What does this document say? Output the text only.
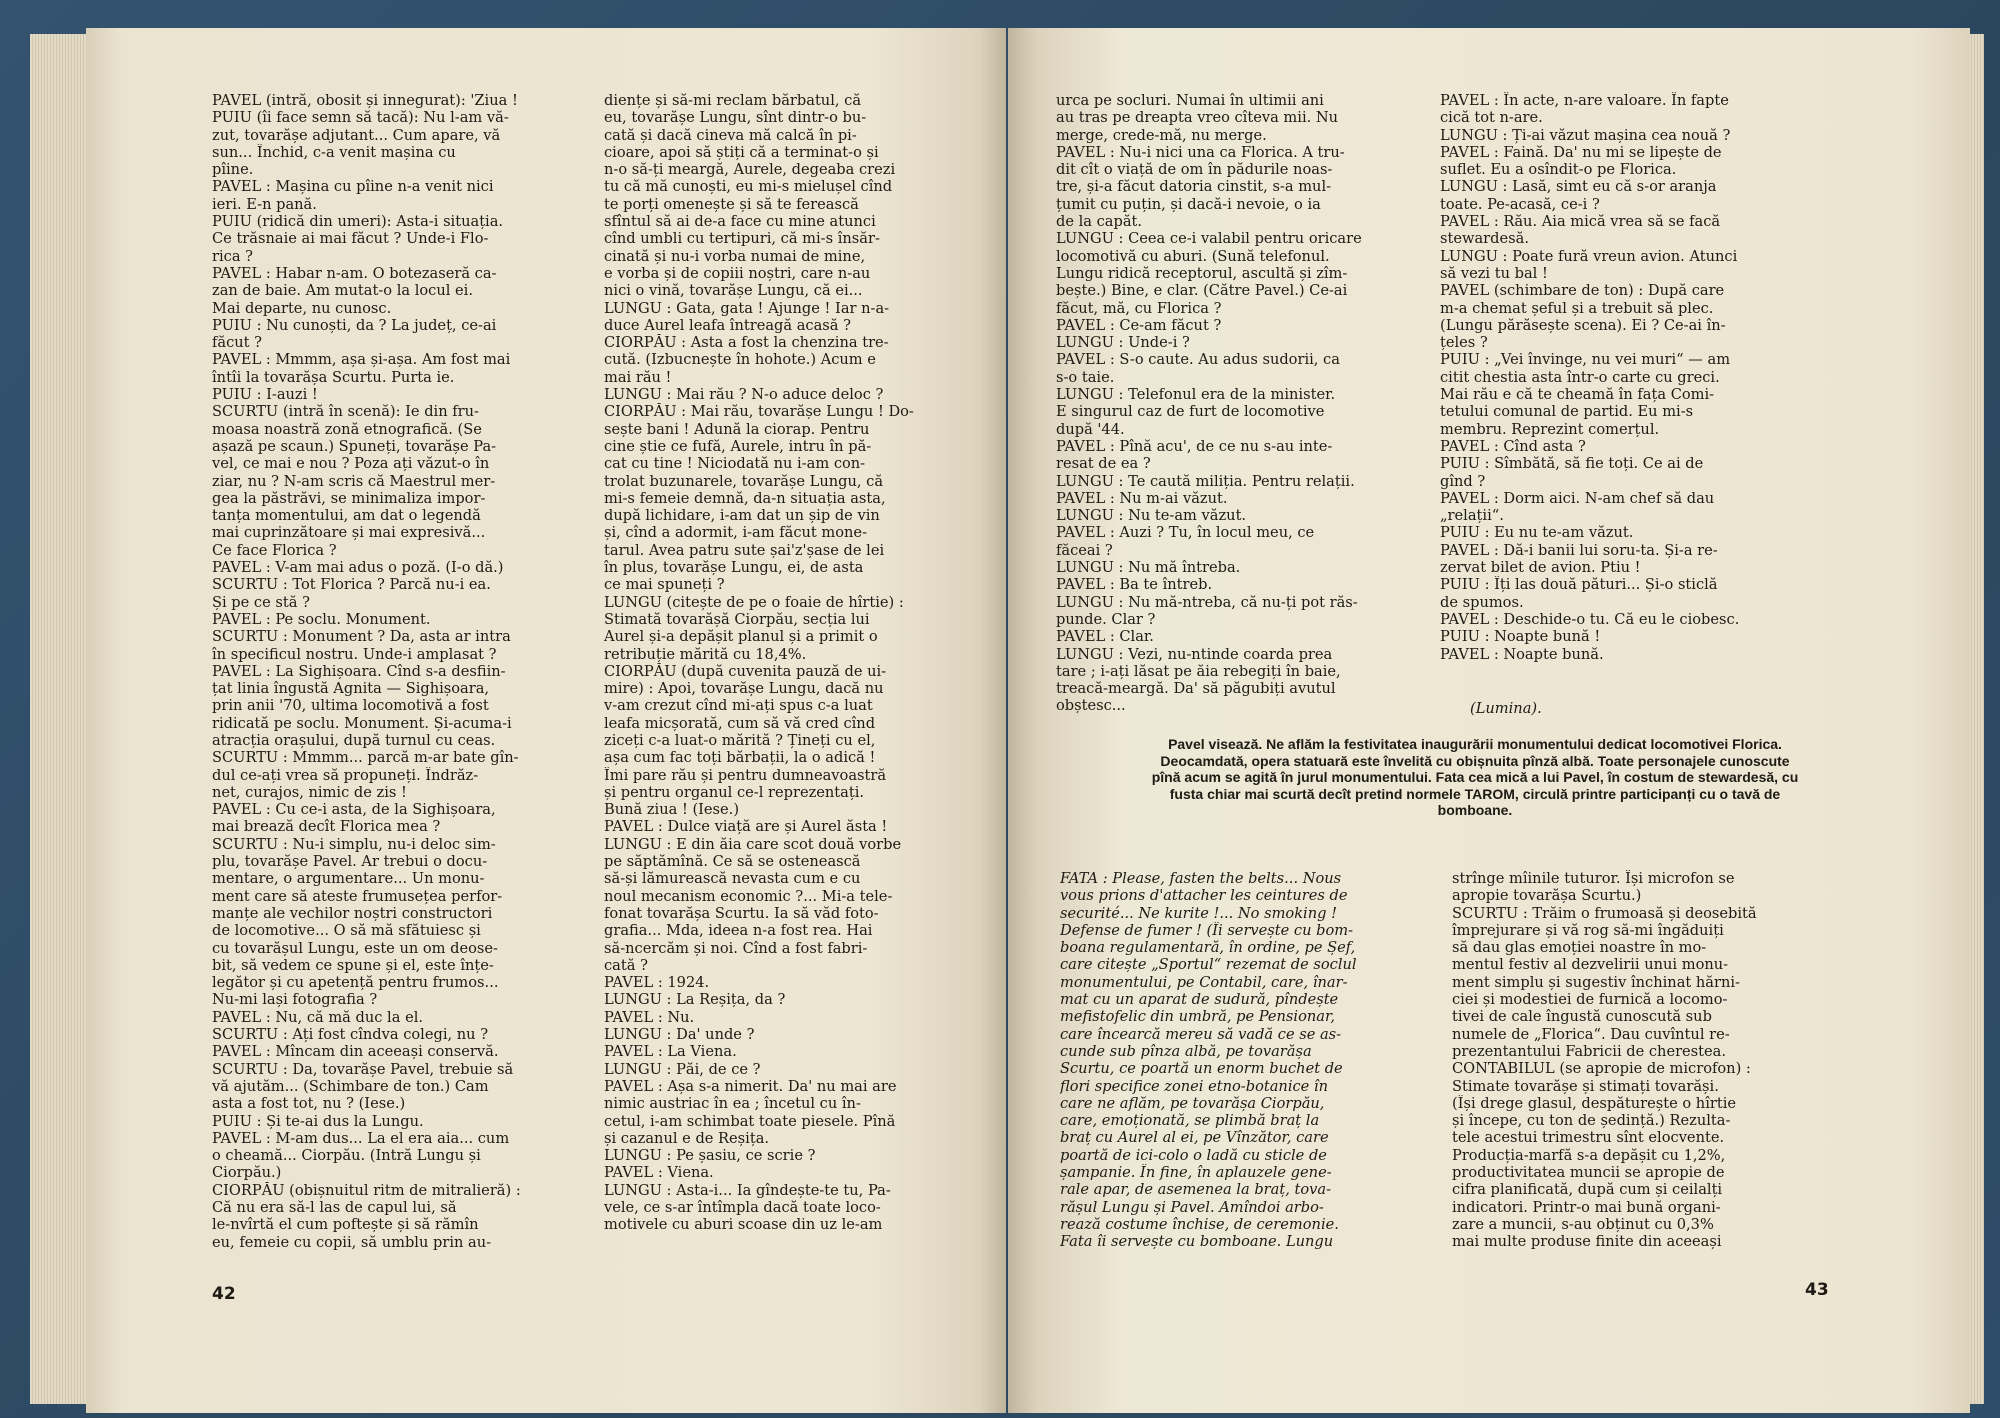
PAVEL (intră, obosit și innegurat): 'Ziua !
PUIU (îi face semn să tacă): Nu l-am vă-
zut, tovarășe adjutant... Cum apare, vă
sun... Închid, c-a venit mașina cu
pîine.
PAVEL : Mașina cu pîine n-a venit nici
ieri. E-n pană.
PUIU (ridică din umeri): Asta-i situația.
Ce trăsnaie ai mai făcut ? Unde-i Flo-
rica ?
PAVEL : Habar n-am. O botezaseră ca-
zan de baie. Am mutat-o la locul ei.
Mai departe, nu cunosc.
PUIU : Nu cunoști, da ? La județ, ce-ai
făcut ?
PAVEL : Mmmm, așa și-așa. Am fost mai
întîi la tovarășa Scurtu. Purta ie.
PUIU : I-auzi !
SCURTU (intră în scenă): Ie din fru-
moasa noastră zonă etnografică. (Se
așază pe scaun.) Spuneți, tovarășe Pa-
vel, ce mai e nou ? Poza ați văzut-o în
ziar, nu ? N-am scris că Maestrul mer-
gea la păstrăvi, se minimaliza impor-
tanța momentului, am dat o legendă
mai cuprinzătoare și mai expresivă...
Ce face Florica ?
PAVEL : V-am mai adus o poză. (I-o dă.)
SCURTU : Tot Florica ? Parcă nu-i ea.
Și pe ce stă ?
PAVEL : Pe soclu. Monument.
SCURTU : Monument ? Da, asta ar intra
în specificul nostru. Unde-i amplasat ?
PAVEL : La Sighișoara. Cînd s-a desfiin-
țat linia îngustă Agnita — Sighișoara,
prin anii '70, ultima locomotivă a fost
ridicată pe soclu. Monument. Și-acuma-i
atracția orașului, după turnul cu ceas.
SCURTU : Mmmm... parcă m-ar bate gîn-
dul ce-ați vrea să propuneți. Îndrăz-
net, curajos, nimic de zis !
PAVEL : Cu ce-i asta, de la Sighișoara,
mai brează decît Florica mea ?
SCURTU : Nu-i simplu, nu-i deloc sim-
plu, tovarășe Pavel. Ar trebui o docu-
mentare, o argumentare... Un monu-
ment care să ateste frumusețea perfor-
manțe ale vechilor noștri constructori
de locomotive... O să mă sfătuiesc și
cu tovarășul Lungu, este un om deose-
bit, să vedem ce spune și el, este înțe-
legător și cu apetență pentru frumos...
Nu-mi lași fotografia ?
PAVEL : Nu, că mă duc la el.
SCURTU : Ați fost cîndva colegi, nu ?
PAVEL : Mîncam din aceeași conservă.
SCURTU : Da, tovarășe Pavel, trebuie să
vă ajutăm... (Schimbare de ton.) Cam
asta a fost tot, nu ? (Iese.)
PUIU : Și te-ai dus la Lungu.
PAVEL : M-am dus... La el era aia... cum
o cheamă... Ciorpău. (Intră Lungu și
Ciorpău.)
CIORPĂU (obișnuitul ritm de mitralieră) :
Că nu era să-l las de capul lui, să
le-nvîrtă el cum poftește și să rămîn
eu, femeie cu copii, să umblu prin au-
diențe și să-mi reclam bărbatul, că
eu, tovarășe Lungu, sînt dintr-o bu-
cată și dacă cineva mă calcă în pi-
cioare, apoi să știți că a terminat-o și
n-o să-ți meargă, Aurele, degeaba crezi
tu că mă cunoști, eu mi-s mielușel cînd
te porți omenește și să te ferească
sfîntul să ai de-a face cu mine atunci
cînd umbli cu tertipuri, că mi-s însăr-
cinată și nu-i vorba numai de mine,
e vorba și de copiii noștri, care n-au
nici o vină, tovarășe Lungu, că ei...
LUNGU : Gata, gata ! Ajunge ! Iar n-a-
duce Aurel leafa întreagă acasă ?
CIORPĂU : Asta a fost la chenzina tre-
cută. (Izbucnește în hohote.) Acum e
mai rău !
LUNGU : Mai rău ? N-o aduce deloc ?
CIORPĂU : Mai rău, tovarășe Lungu ! Do-
sește bani ! Adună la ciorap. Pentru
cine știe ce fufă, Aurele, intru în pă-
cat cu tine ! Niciodată nu i-am con-
trolat buzunarele, tovarășe Lungu, că
mi-s femeie demnă, da-n situația asta,
după lichidare, i-am dat un șip de vin
și, cînd a adormit, i-am făcut mone-
tarul. Avea patru sute șai'z'șase de lei
în plus, tovarășe Lungu, ei, de asta
ce mai spuneți ?
LUNGU (citește de pe o foaie de hîrtie) :
Stimată tovarășă Ciorpău, secția lui
Aurel și-a depășit planul și a primit o
retribuție mărită cu 18,4%.
CIORPĂU (după cuvenita pauză de ui-
mire) : Apoi, tovarășe Lungu, dacă nu
v-am crezut cînd mi-ați spus c-a luat
leafa micșorată, cum să vă cred cînd
ziceți c-a luat-o mărită ? Țineți cu el,
așa cum fac toți bărbații, la o adică !
Îmi pare rău și pentru dumneavoastră
și pentru organul ce-l reprezentați.
Bună ziua ! (Iese.)
PAVEL : Dulce viață are și Aurel ăsta !
LUNGU : E din ăia care scot două vorbe
pe săptămînă. Ce să se ostenească
să-și lămurească nevasta cum e cu
noul mecanism economic ?... Mi-a tele-
fonat tovarășa Scurtu. Ia să văd foto-
grafia... Mda, ideea n-a fost rea. Hai
să-ncercăm și noi. Cînd a fost fabri-
cată ?
PAVEL : 1924.
LUNGU : La Reșița, da ?
PAVEL : Nu.
LUNGU : Da' unde ?
PAVEL : La Viena.
LUNGU : Păi, de ce ?
PAVEL : Așa s-a nimerit. Da' nu mai are
nimic austriac în ea ; încetul cu în-
cetul, i-am schimbat toate piesele. Pînă
și cazanul e de Reșița.
LUNGU : Pe șasiu, ce scrie ?
PAVEL : Viena.
LUNGU : Asta-i... Ia gîndește-te tu, Pa-
vele, ce s-ar întîmpla dacă toate loco-
motivele cu aburi scoase din uz le-am
urca pe socluri. Numai în ultimii ani
au tras pe dreapta vreo cîteva mii. Nu
merge, crede-mă, nu merge.
PAVEL : Nu-i nici una ca Florica. A tru-
dit cît o viață de om în pădurile noas-
tre, și-a făcut datoria cinstit, s-a mul-
țumit cu puțin, și dacă-i nevoie, o ia
de la capăt.
LUNGU : Ceea ce-i valabil pentru oricare
locomotivă cu aburi. (Sună telefonul.
Lungu ridică receptorul, ascultă și zîm-
bește.) Bine, e clar. (Către Pavel.) Ce-ai
făcut, mă, cu Florica ?
PAVEL : Ce-am făcut ?
LUNGU : Unde-i ?
PAVEL : S-o caute. Au adus sudorii, ca
s-o taie.
LUNGU : Telefonul era de la minister.
E singurul caz de furt de locomotive
după '44.
PAVEL : Pînă acu', de ce nu s-au inte-
resat de ea ?
LUNGU : Te caută miliția. Pentru relații.
PAVEL : Nu m-ai văzut.
LUNGU : Nu te-am văzut.
PAVEL : Auzi ? Tu, în locul meu, ce
făceai ?
LUNGU : Nu mă întreba.
PAVEL : Ba te întreb.
LUNGU : Nu mă-ntreba, că nu-ți pot răs-
punde. Clar ?
PAVEL : Clar.
LUNGU : Vezi, nu-ntinde coarda prea
tare ; i-ați lăsat pe ăia rebegiți în baie,
treacă-meargă. Da' să păgubiți avutul
obștesc...
PAVEL : În acte, n-are valoare. În fapte
cică tot n-are.
LUNGU : Ți-ai văzut mașina cea nouă ?
PAVEL : Faină. Da' nu mi se lipește de
suflet. Eu a osîndit-o pe Florica.
LUNGU : Lasă, simt eu că s-or aranja
toate. Pe-acasă, ce-i ?
PAVEL : Rău. Aia mică vrea să se facă
stewardesă.
LUNGU : Poate fură vreun avion. Atunci
să vezi tu bal !
PAVEL (schimbare de ton) : După care
m-a chemat șeful și a trebuit să plec.
(Lungu părăsește scena). Ei ? Ce-ai în-
țeles ?
PUIU : „Vei învinge, nu vei muri“ — am
citit chestia asta într-o carte cu greci.
Mai rău e că te cheamă în fața Comi-
tetului comunal de partid. Eu mi-s
membru. Reprezint comerțul.
PAVEL : Cînd asta ?
PUIU : Sîmbătă, să fie toți. Ce ai de
gînd ?
PAVEL : Dorm aici. N-am chef să dau
„relații“.
PUIU : Eu nu te-am văzut.
PAVEL : Dă-i banii lui soru-ta. Și-a re-
zervat bilet de avion. Ptiu !
PUIU : Îți las două pături... Și-o sticlă
de spumos.
PAVEL : Deschide-o tu. Că eu le ciobesc.
PUIU : Noapte bună !
PAVEL : Noapte bună.
(Lumina).
Pavel visează. Ne aflăm la festivitatea inaugurării monumentului dedicat locomotivei Florica. Deocamdată, opera statuară este învelită cu obișnuita pînză albă. Toate personajele cunoscute pînă acum se agită în jurul monumentului. Fata cea mică a lui Pavel, în costum de stewardesă, cu fusta chiar mai scurtă decît pretind normele TAROM, circulă printre participanți cu o tavă de bomboane.
FATA : Please, fasten the belts... Nous
vous prions d'attacher les ceintures de
securité... Ne kurite !... No smoking !
Defense de fumer ! (Îi servește cu bom-
boana regulamentară, în ordine, pe Șef,
care citește „Sportul“ rezemat de soclul
monumentului, pe Contabil, care, înar-
mat cu un aparat de sudură, pîndește
mefistofelic din umbră, pe Pensionar,
care încearcă mereu să vadă ce se as-
cunde sub pînza albă, pe tovarășa
Scurtu, ce poartă un enorm buchet de
flori specifice zonei etno-botanice în
care ne aflăm, pe tovarășa Ciorpău,
care, emoționată, se plimbă braț la
braț cu Aurel al ei, pe Vînzător, care
poartă de ici-colo o ladă cu sticle de
șampanie. În fine, în aplauzele gene-
rale apar, de asemenea la braț, tova-
rășul Lungu și Pavel. Amîndoi arbo-
rează costume închise, de ceremonie.
Fata îi servește cu bomboane. Lungu
strînge mîinile tuturor. Își microfon se
apropie tovarășa Scurtu.)
SCURTU : Trăim o frumoasă și deosebită
împrejurare și vă rog să-mi îngăduiți
să dau glas emoției noastre în mo-
mentul festiv al dezvelirii unui monu-
ment simplu și sugestiv închinat hărni-
ciei și modestiei de furnică a locomo-
tivei de cale îngustă cunoscută sub
numele de „Florica“. Dau cuvîntul re-
prezentantului Fabricii de cherestea.
CONTABILUL (se apropie de microfon) :
Stimate tovarășe și stimați tovarăși.
(Își drege glasul, despăturește o hîrtie
și începe, cu ton de ședință.) Rezulta-
tele acestui trimestru sînt elocvente.
Producția-marfă s-a depășit cu 1,2%,
productivitatea muncii se apropie de
cifra planificată, după cum și ceilalți
indicatori. Printr-o mai bună organi-
zare a muncii, s-au obținut cu 0,3%
mai multe produse finite din aceeași
42	43
